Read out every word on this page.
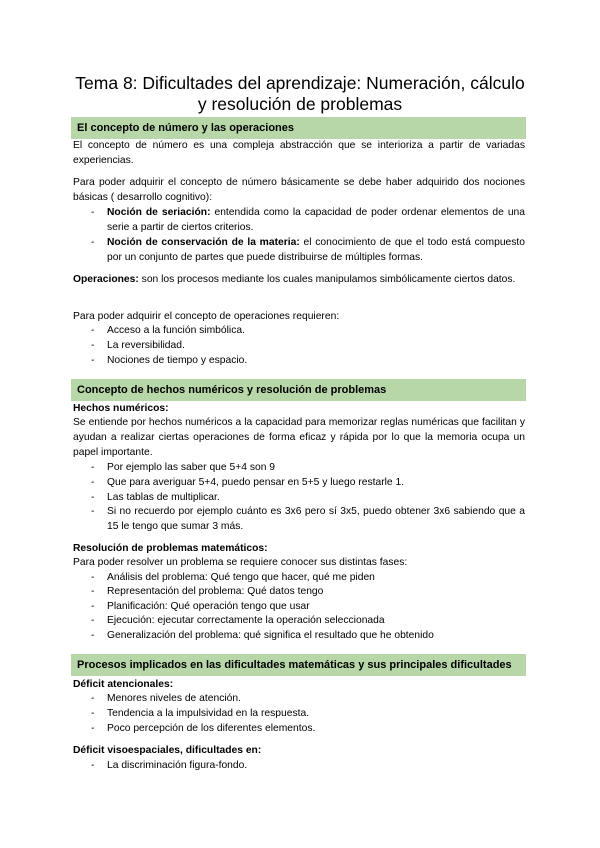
Tema 8: Dificultades del aprendizaje: Numeración, cálculo
y resolución de problemas
El concepto de número y las operaciones
El concepto de número es una compleja abstracción que se interioriza a partir de variadas experiencias.
Para poder adquirir el concepto de número básicamente se debe haber adquirido dos nociones básicas ( desarrollo cognitivo):
- Noción de seriación: entendida como la capacidad de poder ordenar elementos de una serie a partir de ciertos criterios.
- Noción de conservación de la materia: el conocimiento de que el todo está compuesto por un conjunto de partes que puede distribuirse de múltiples formas.
Operaciones: son los procesos mediante los cuales manipulamos simbólicamente ciertos datos.
Para poder adquirir el concepto de operaciones requieren:
- Acceso a la función simbólica.
- La reversibilidad.
- Nociones de tiempo y espacio.
Concepto de hechos numéricos y resolución de problemas
Hechos numéricos:
Se entiende por hechos numéricos a la capacidad para memorizar reglas numéricas que facilitan y ayudan a realizar ciertas operaciones de forma eficaz y rápida por lo que la memoria ocupa un papel importante.
- Por ejemplo las saber que 5+4 son 9
- Que para averiguar 5+4, puedo pensar en 5+5 y luego restarle 1.
- Las tablas de multiplicar.
- Si no recuerdo por ejemplo cuánto es 3x6 pero sí 3x5, puedo obtener 3x6 sabiendo que a 15 le tengo que sumar 3 más.
Resolución de problemas matemáticos:
Para poder resolver un problema se requiere conocer sus distintas fases:
- Análisis del problema: Qué tengo que hacer, qué me piden
- Representación del problema: Qué datos tengo
- Planificación: Qué operación tengo que usar
- Ejecución: ejecutar correctamente la operación seleccionada
- Generalización del problema: qué significa el resultado que he obtenido
Procesos implicados en las dificultades matemáticas y sus principales dificultades
Déficit atencionales:
- Menores niveles de atención.
- Tendencia a la impulsividad en la respuesta.
- Poco percepción de los diferentes elementos.
Déficit visoespaciales, dificultades en:
- La discriminación figura-fondo.
